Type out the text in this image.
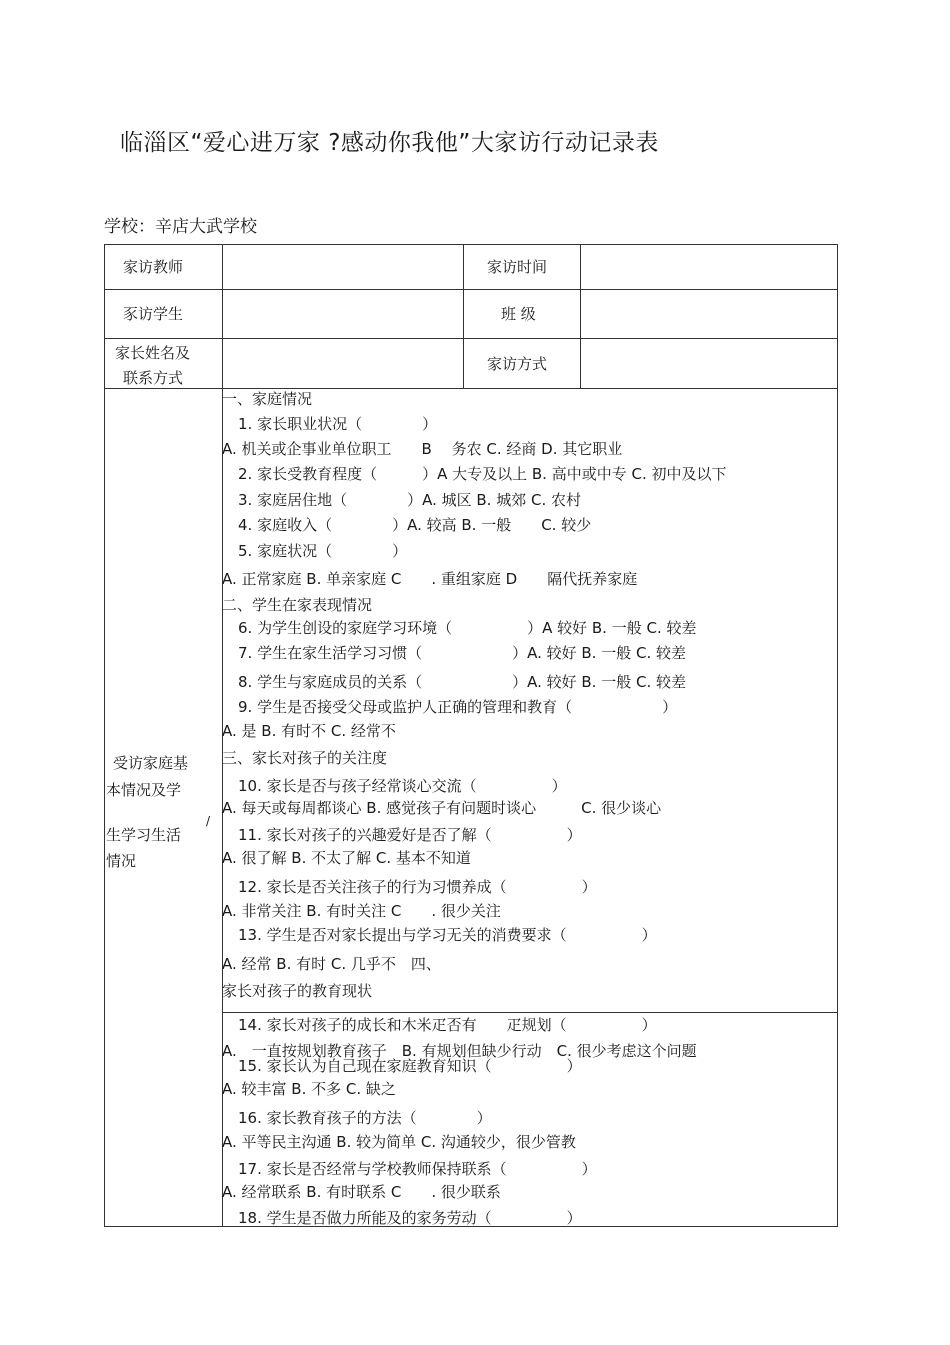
临淄区“爱心进万家 ?感动你我他”大家访行动记录表
学校：辛店大武学校
家访教师	家访时间
豕访学生	班 级
家长姓名及
联系方式
家访方式
受访家庭基
本情况及学
生学习生活
情况
/
一、家庭情况
1. 家长职业状况（　　　　）
A. 机关或企事业单位职工　　B　 务农 C. 经商 D. 其它职业
2. 家长受教育程度（　　　）A 大专及以上 B. 高中或中专 C. 初中及以下
3. 家庭居住地（　　　　）A. 城区 B. 城郊 C. 农村
4. 家庭收入（　　　　）A. 较高 B. 一般　　C. 较少
5. 家庭状况（　　　　）
A. 正常家庭 B. 单亲家庭 C　　. 重组家庭 D　　隔代抚养家庭
二、学生在家表现情况
6. 为学生创设的家庭学习环境（　　　　　）A 较好 B. 一般 C. 较差
7. 学生在家生活学习习惯（　　　　　　）A. 较好 B. 一般 C. 较差
8. 学生与家庭成员的关系（　　　　　　）A. 较好 B. 一般 C. 较差
9. 学生是否接受父母或监护人正确的管理和教育（　　　　　　）
A. 是 B. 有时不 C. 经常不
三、家长对孩子的关注度
10. 家长是否与孩子经常谈心交流（　　　　　）
A. 每天或每周都谈心 B. 感觉孩子有问题时谈心　　　C. 很少谈心
11. 家长对孩子的兴趣爱好是否了解（　　　　　）
A. 很了解 B. 不太了解 C. 基本不知道
12. 家长是否关注孩子的行为习惯养成（　　　　　）
A. 非常关注 B. 有时关注 C　　. 很少关注
13. 学生是否对家长提出与学习无关的消费要求（　　　　　）
A. 经常 B. 有时 C. 几乎不　四、
家长对孩子的教育现状
14. 家长对孩子的成长和木米疋否有　　疋规划（　　　　　）
A.　一直按规划教育孩子　B. 有规划但缺少行动　C. 很少考虑这个问题
15. 家长认为自己现在家庭教育知识（　　　　　）
A. 较丰富 B. 不多 C. 缺之
16. 家长教育孩子的方法（　　　　）
A. 平等民主沟通 B. 较为简单 C. 沟通较少，很少管教
17. 家长是否经常与学校教师保持联系（　　　　　）
A. 经常联系 B. 有时联系 C　　. 很少联系
18. 学生是否做力所能及的家务劳动（　　　　　）
